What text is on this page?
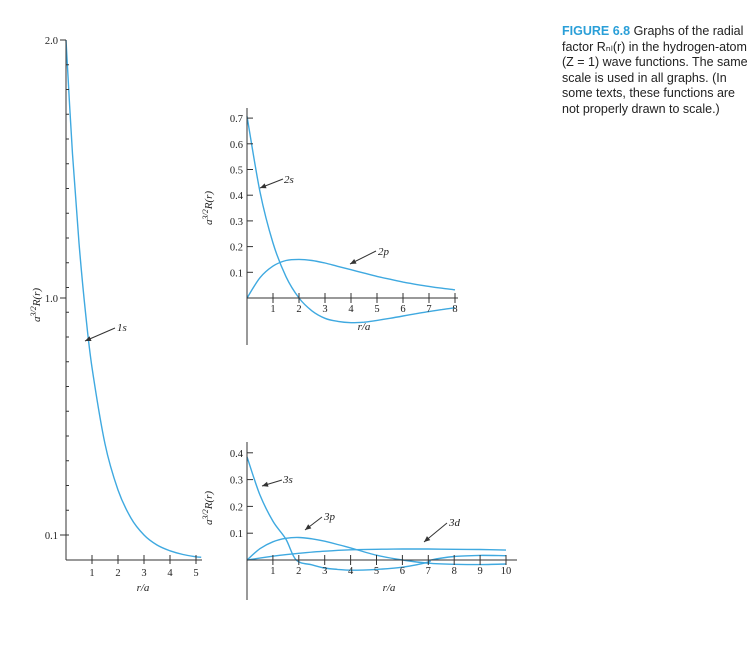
0.1
1.0
2.0
1 2 3 4 5
r/a
$a^{3/2}R(r)$
1s
0.1
0.2
0.3
0.4
0.5
0.6
0.7
1 2 3 4 5 6 7 8
r/a
$a^{3/2}R(r)$
2s
2p
0.1
0.2
0.3
0.4
1 2 3 4 5 6 7 8 9 10
r/a
$a^{3/2}R(r)$
3s
3p	3d
FIGURE 6.8 Graphs of the radial factor Rₙₗ(r) in the hydrogen-atom (Z = 1) wave functions. The same scale is used in all graphs. (In some texts, these functions are not properly drawn to scale.)
